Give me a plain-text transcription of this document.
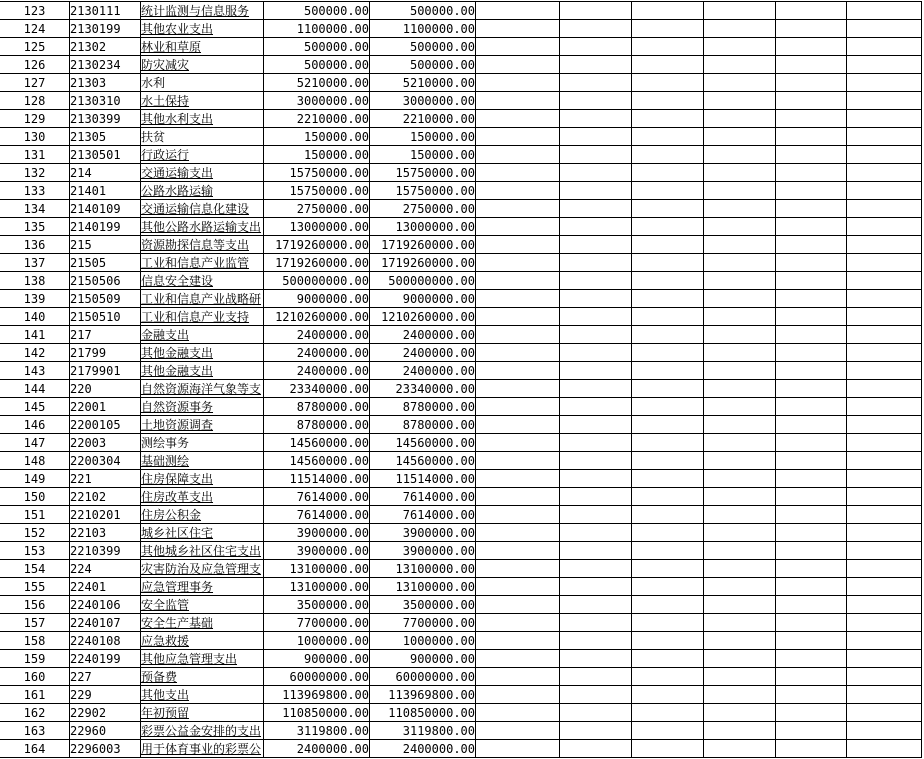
123	2130111	统计监测与信息服务	500000.00	500000.00						
124	2130199	其他农业支出	1100000.00	1100000.00						
125	21302	林业和草原	500000.00	500000.00						
126	2130234	防灾减灾	500000.00	500000.00						
127	21303	水利	5210000.00	5210000.00						
128	2130310	水土保持	3000000.00	3000000.00						
129	2130399	其他水利支出	2210000.00	2210000.00						
130	21305	扶贫	150000.00	150000.00						
131	2130501	行政运行	150000.00	150000.00						
132	214	交通运输支出	15750000.00	15750000.00						
133	21401	公路水路运输	15750000.00	15750000.00						
134	2140109	交通运输信息化建设	2750000.00	2750000.00						
135	2140199	其他公路水路运输支出	13000000.00	13000000.00						
136	215	资源勘探信息等支出	1719260000.00	1719260000.00						
137	21505	工业和信息产业监管	1719260000.00	1719260000.00						
138	2150506	信息安全建设	500000000.00	500000000.00						
139	2150509	工业和信息产业战略研	9000000.00	9000000.00						
140	2150510	工业和信息产业支持	1210260000.00	1210260000.00						
141	217	金融支出	2400000.00	2400000.00						
142	21799	其他金融支出	2400000.00	2400000.00						
143	2179901	其他金融支出	2400000.00	2400000.00						
144	220	自然资源海洋气象等支	23340000.00	23340000.00						
145	22001	自然资源事务	8780000.00	8780000.00						
146	2200105	土地资源调查	8780000.00	8780000.00						
147	22003	测绘事务	14560000.00	14560000.00						
148	2200304	基础测绘	14560000.00	14560000.00						
149	221	住房保障支出	11514000.00	11514000.00						
150	22102	住房改革支出	7614000.00	7614000.00						
151	2210201	住房公积金	7614000.00	7614000.00						
152	22103	城乡社区住宅	3900000.00	3900000.00						
153	2210399	其他城乡社区住宅支出	3900000.00	3900000.00						
154	224	灾害防治及应急管理支	13100000.00	13100000.00						
155	22401	应急管理事务	13100000.00	13100000.00						
156	2240106	安全监管	3500000.00	3500000.00						
157	2240107	安全生产基础	7700000.00	7700000.00						
158	2240108	应急救援	1000000.00	1000000.00						
159	2240199	其他应急管理支出	900000.00	900000.00						
160	227	预备费	60000000.00	60000000.00						
161	229	其他支出	113969800.00	113969800.00						
162	22902	年初预留	110850000.00	110850000.00						
163	22960	彩票公益金安排的支出	3119800.00	3119800.00						
164	2296003	用于体育事业的彩票公	2400000.00	2400000.00						
